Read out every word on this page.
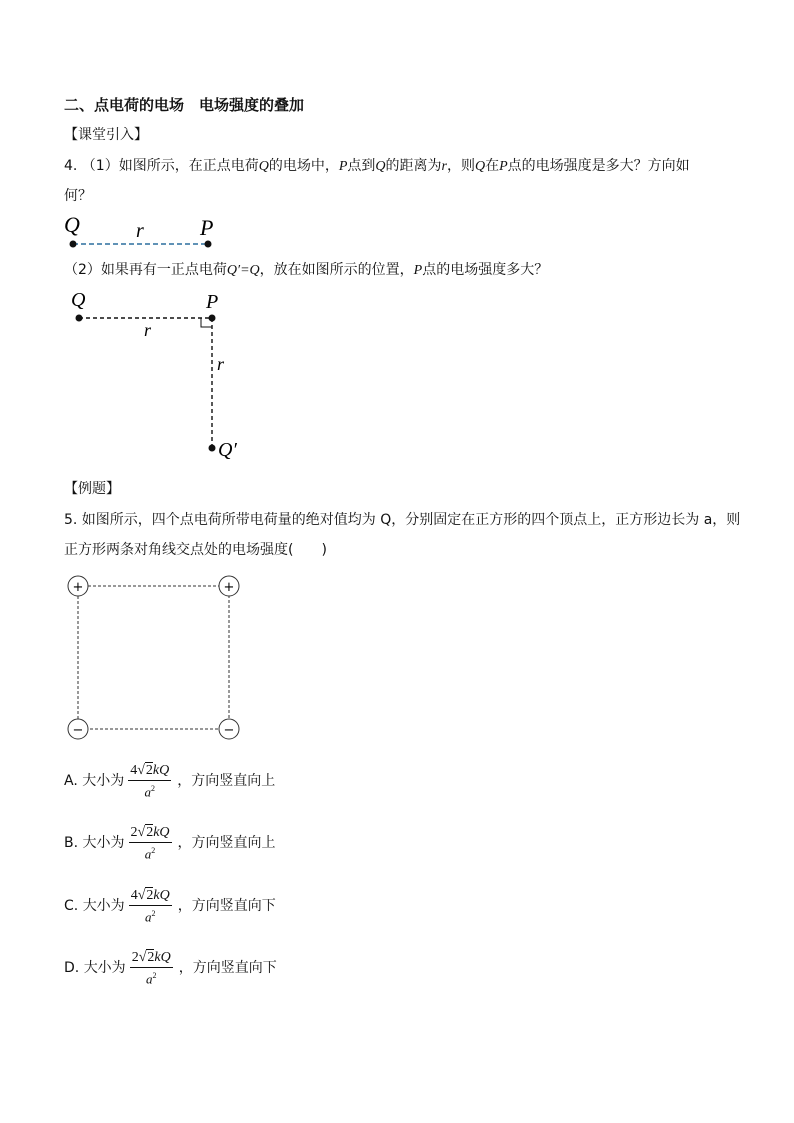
二、点电荷的电场　电场强度的叠加
【课堂引入】
4. （1）如图所示，在正点电荷Q的电场中，P点到Q的距离为r，则Q在P点的电场强度是多大？方向如
何？
Q	r	P
（2）如果再有一正点电荷Q′=Q，放在如图所示的位置，P点的电场强度多大？
Q	P
r
r
Q′
【例题】
5. 如图所示，四个点电荷所带电荷量的绝对值均为 Q，分别固定在正方形的四个顶点上，正方形边长为 a，则
正方形两条对角线交点处的电场强度(　　)
+	+
−	−
A.
大小为 $\frac{4√2kQ}{a^2}$ ，方向竖直向上
B.
大小为 $\frac{2√2kQ}{a^2}$ ，方向竖直向上
C.
大小为 $\frac{4√2kQ}{a^2}$ ，方向竖直向下
D.
大小为 $\frac{2√2kQ}{a^2}$ ，方向竖直向下
